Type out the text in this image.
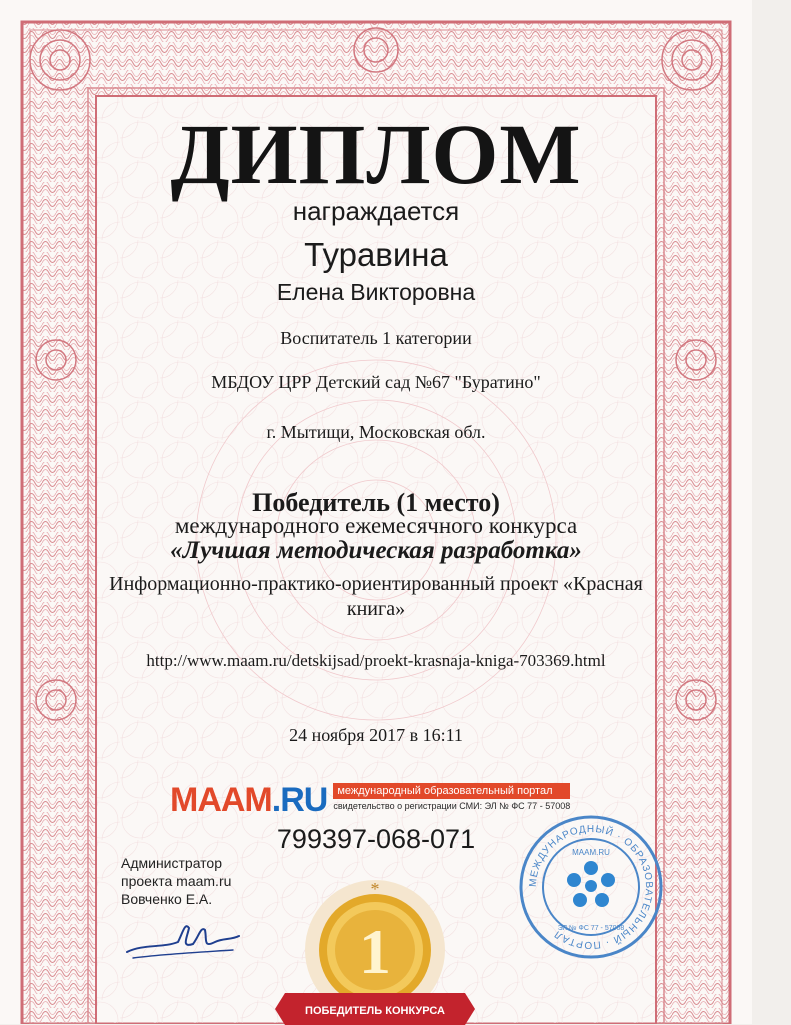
ДИПЛОМ
награждается
Туравина
Елена Викторовна
Воспитатель 1 категории
МБДОУ ЦРР Детский сад №67 "Буратино"
г. Мытищи, Московская обл.
Победитель (1 место)
международного ежемесячного конкурса
«Лучшая методическая разработка»
Информационно-практико-ориентированный проект «Красная
книга»
http://www.maam.ru/detskijsad/proekt-krasnaja-kniga-703369.html
24 ноября 2017 в 16:11
MAAM.RU международный образовательный портал
свидетельство о регистрации СМИ: ЭЛ № ФС 77 - 57008
799397-068-071
Администратор
проекта maam.ru
Вовченко Е.А.
1
*
ПОБЕДИТЕЛЬ КОНКУРСА
МЕЖДУНАРОДНЫЙ · ОБРАЗОВАТЕЛЬНЫЙ · ПОРТАЛ
MAAM.RU
ЭЛ № ФС 77 - 57008
